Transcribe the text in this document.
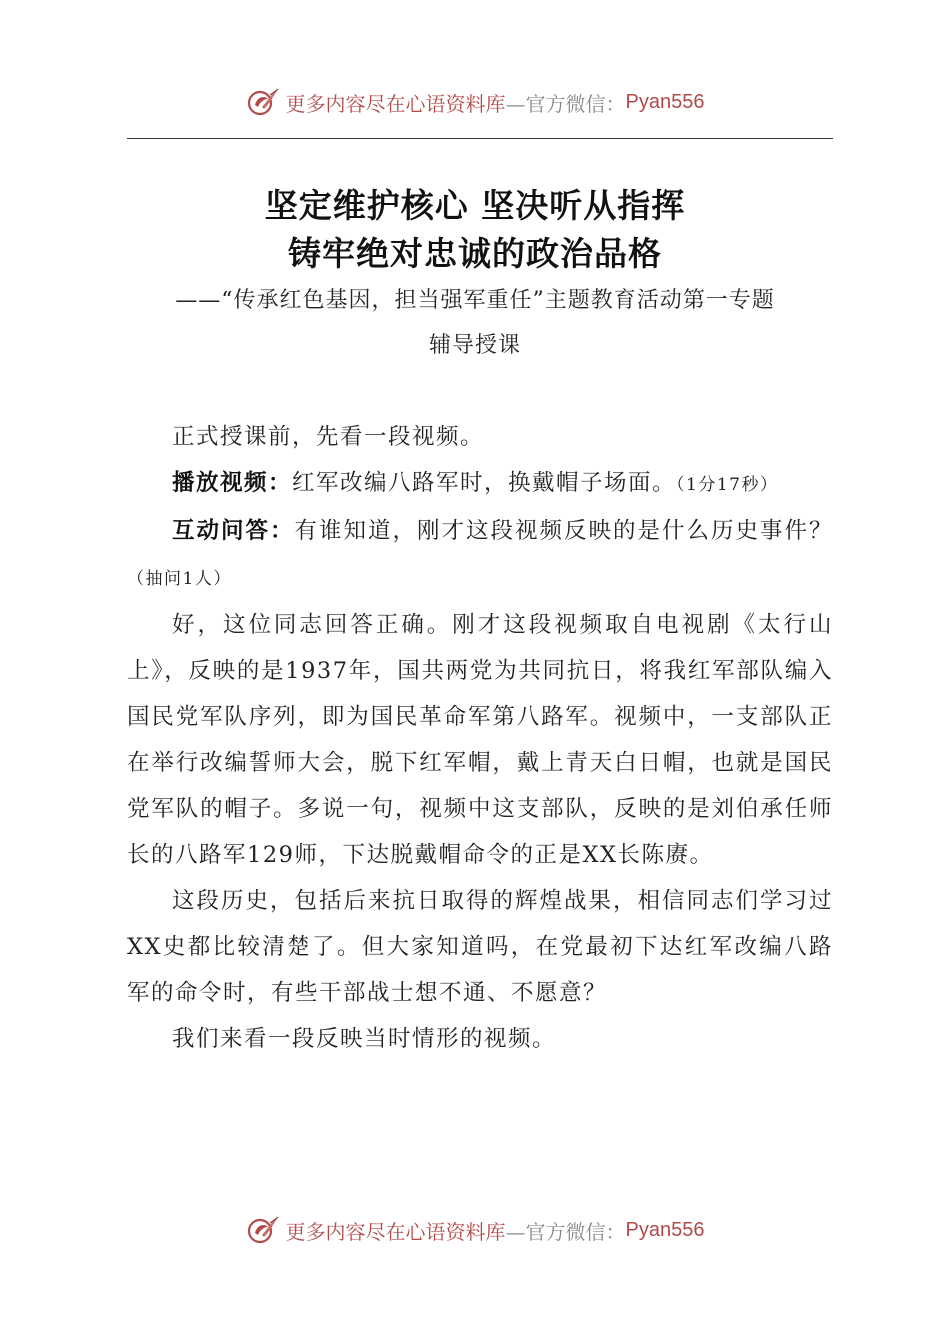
更多内容尽在心语资料库 —官方微信： Pyan556
坚定维护核心 坚决听从指挥
铸牢绝对忠诚的政治品格
——“传承红色基因，担当强军重任”主题教育活动第一专题
辅导授课

正式授课前，先看一段视频。

播放视频：红军改编八路军时，换戴帽子场面。（1分17秒）

互动问答：有谁知道，刚才这段视频反映的是什么历史事件？（抽问1人）

好，这位同志回答正确。刚才这段视频取自电视剧《太行山上》，反映的是1937年，国共两党为共同抗日，将我红军部队编入国民党军队序列，即为国民革命军第八路军。视频中，一支部队正在举行改编誓师大会，脱下红军帽，戴上青天白日帽，也就是国民党军队的帽子。多说一句，视频中这支部队，反映的是刘伯承任师长的八路军129师，下达脱戴帽命令的正是XX长陈赓。

这段历史，包括后来抗日取得的辉煌战果，相信同志们学习过XX史都比较清楚了。但大家知道吗，在党最初下达红军改编八路军的命令时，有些干部战士想不通、不愿意？

我们来看一段反映当时情形的视频。

更多内容尽在心语资料库 —官方微信： Pyan556
